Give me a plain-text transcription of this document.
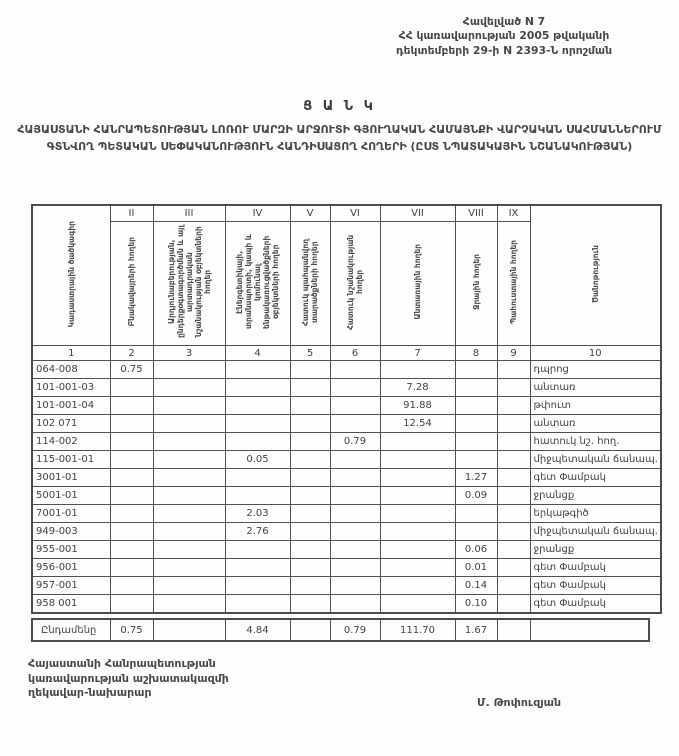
Հավելված N 7
ՀՀ կառավարության 2005 թվականի
դեկտեմբերի 29-ի N 2393-Ն որոշման
Ց Ա Ն Կ
ՀԱՅԱՍՏԱՆԻ ՀԱՆՐԱՊԵՏՈՒԹՅԱՆ ԼՈՌՈՒ ՄԱՐԶԻ ԱՐՋՈՒՏԻ ԳՅՈՒՂԱԿԱՆ ՀԱՄԱՅՆՔԻ ՎԱՐՉԱԿԱՆ ՍԱՀՄԱՆՆԵՐՈՒՄ ԳՏՆՎՈՂ ՊԵՏԱԿԱՆ ՍԵՓԱԿԱՆՈՒԹՅՈՒՆ ՀԱՆԴԻՍԱՑՈՂ ՀՈՂԵՐԻ (ԸՍՏ ՆՊԱՏԱԿԱՅԻՆ ՆՇԱՆԱԿՈՒԹՅԱՆ)
Կադաստրային ծածկագիր	II	III	IV	V	VI	VII	VIII	IX	Ծանոթություն
	Բնակավայրերի հողեր	Արդյունաբերության, ընդերքօգտագործման և այլ արտադրական նշանակության օբյեկտների հողեր	Էներգետիկայի, տրանսպորտի, կապի և կոմունալ ենթակառուցվածքների օբյեկտների հողեր	Հատուկ պահպանվող տարածքների հողեր	Հատուկ նշանակության հողեր	Անտառային հողեր	Ջրային հողեր	Պահուստային հողեր	
1	2	3	4	5	6	7	8	9	10
064-008	0.75								դպրոց
101-001-03						7.28			անտառ
101-001-04						91.88			թփուտ
102 071						12.54			անտառ
114-002					0.79				հատուկ նշ. հող.
115-001-01			0.05						միջպետական ճանապ.
3001-01							1.27		գետ Փամբակ
5001-01							0.09		ջրանցք
7001-01			2.03						երկաթգիծ
949-003			2.76						միջպետական ճանապ.
955-001							0.06		ջրանցք
956-001							0.01		գետ Փամբակ
957-001							0.14		գետ Փամբակ
958 001							0.10		գետ Փամբակ
Ընդամենը	0.75		4.84		0.79	111.70	1.67		
Հայաստանի Հանրապետության
կառավարության աշխատակազմի
ղեկավար-նախարար
Մ. Թոփուզյան
